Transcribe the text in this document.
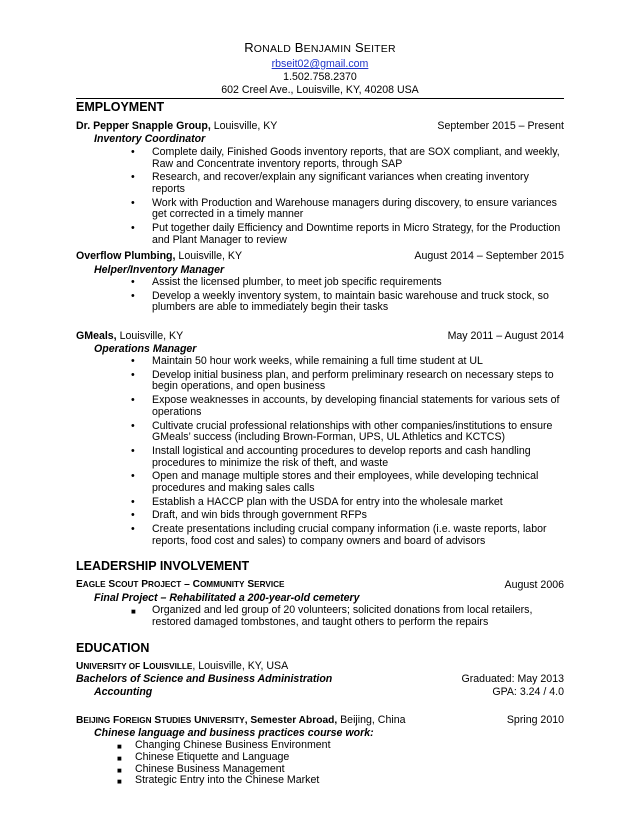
RONALD BENJAMIN SEITER
rbseit02@gmail.com
1.502.758.2370
602 Creel Ave., Louisville, KY, 40208 USA
EMPLOYMENT
Dr. Pepper Snapple Group, Louisville, KY	September 2015 – Present
Inventory Coordinator
• Complete daily, Finished Goods inventory reports, that are SOX compliant, and weekly, Raw and Concentrate inventory reports, through SAP
• Research, and recover/explain any significant variances when creating inventory reports
• Work with Production and Warehouse managers during discovery, to ensure variances get corrected in a timely manner
• Put together daily Efficiency and Downtime reports in Micro Strategy, for the Production and Plant Manager to review
Overflow Plumbing, Louisville, KY	August 2014 – September 2015
Helper/Inventory Manager
• Assist the licensed plumber, to meet job specific requirements
• Develop a weekly inventory system, to maintain basic warehouse and truck stock, so plumbers are able to immediately begin their tasks
GMeals, Louisville, KY	May 2011 – August 2014
Operations Manager
• Maintain 50 hour work weeks, while remaining a full time student at UL
• Develop initial business plan, and perform preliminary research on necessary steps to begin operations, and open business
• Expose weaknesses in accounts, by developing financial statements for various sets of operations
• Cultivate crucial professional relationships with other companies/institutions to ensure GMeals’ success (including Brown-Forman, UPS, UL Athletics and KCTCS)
• Install logistical and accounting procedures to develop reports and cash handling procedures to minimize the risk of theft, and waste
• Open and manage multiple stores and their employees, while developing technical procedures and making sales calls
• Establish a HACCP plan with the USDA for entry into the wholesale market
• Draft, and win bids through government RFPs
• Create presentations including crucial company information (i.e. waste reports, labor reports, food cost and sales) to company owners and board of advisors
LEADERSHIP INVOLVEMENT
EAGLE SCOUT PROJECT – COMMUNITY SERVICE	August 2006
Final Project – Rehabilitated a 200-year-old cemetery
■ Organized and led group of 20 volunteers; solicited donations from local retailers, restored damaged tombstones, and taught others to perform the repairs
EDUCATION
UNIVERSITY OF LOUISVILLE, Louisville, KY, USA
Bachelors of Science and Business Administration	Graduated: May 2013
Accounting	GPA: 3.24 / 4.0
BEIJING FOREIGN STUDIES UNIVERSITY, Semester Abroad, Beijing, China	Spring 2010
Chinese language and business practices course work:
■ Changing Chinese Business Environment
■ Chinese Etiquette and Language
■ Chinese Business Management
■ Strategic Entry into the Chinese Market
